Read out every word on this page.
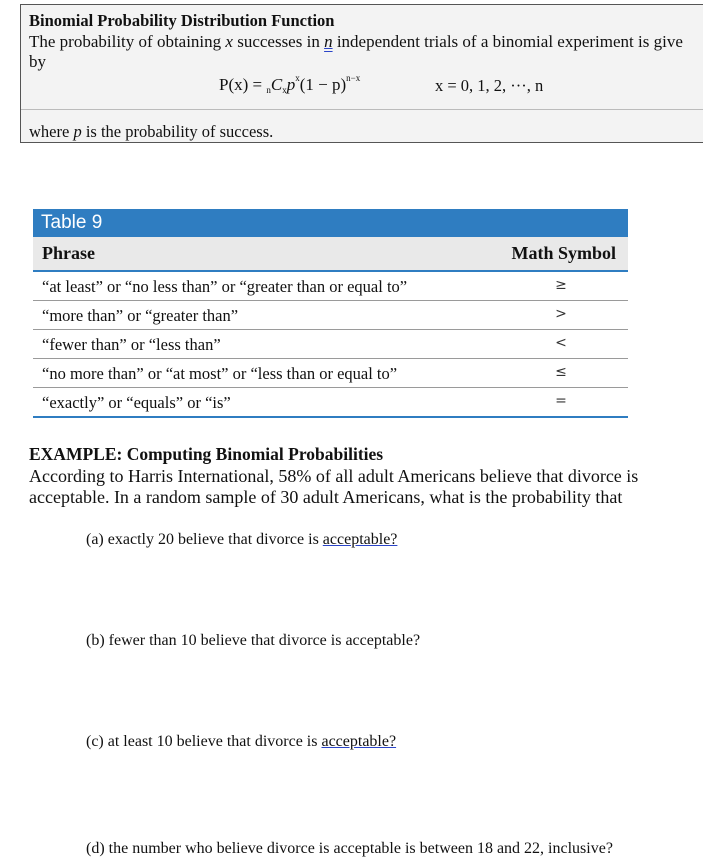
Binomial Probability Distribution Function
The probability of obtaining x successes in n independent trials of a binomial experiment is give
by
$P(x) = _nC_xp^x(1 - p)^{n-x}$	x = 0, 1, 2, ···, n
where p is the probability of success.
Table 9
Phrase	Math Symbol
“at least” or “no less than” or “greater than or equal to”	≥
“more than” or “greater than”	>
“fewer than” or “less than”	<
“no more than” or “at most” or “less than or equal to”	≤
“exactly” or “equals” or “is”	=
EXAMPLE: Computing Binomial Probabilities
According to Harris International, 58% of all adult Americans believe that divorce is acceptable. In a random sample of 30 adult Americans, what is the probability that
(a) exactly 20 believe that divorce is acceptable?
(b) fewer than 10 believe that divorce is acceptable?
(c) at least 10 believe that divorce is acceptable?
(d) the number who believe divorce is acceptable is between 18 and 22, inclusive?
